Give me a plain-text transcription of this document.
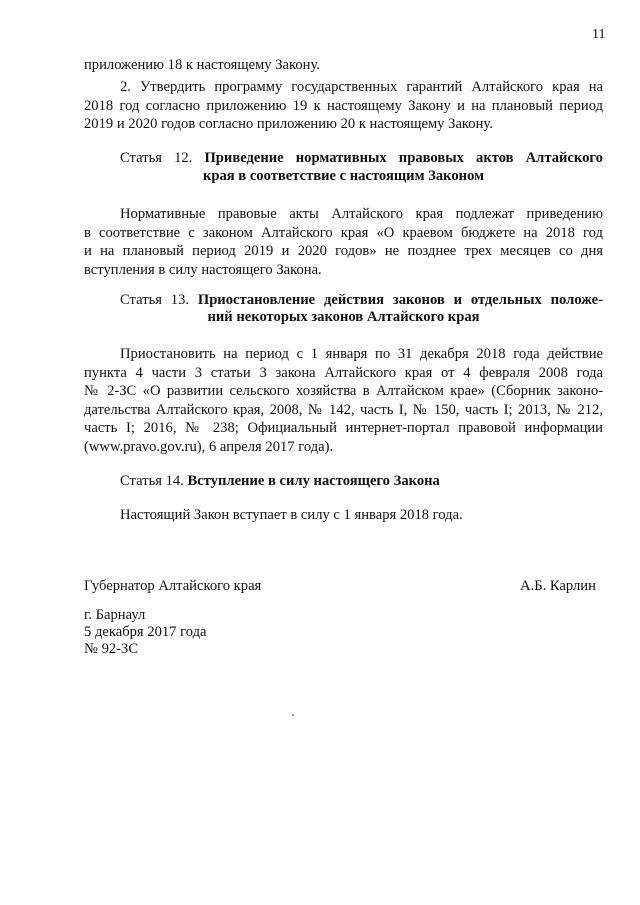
11
приложению 18 к настоящему Закону.
2. Утвердить программу государственных гарантий Алтайского края на
2018 год согласно приложению 19 к настоящему Закону и на плановый период
2019 и 2020 годов согласно приложению 20 к настоящему Закону.
Статья 12. Приведение нормативных правовых актов Алтайского
края в соответствие с настоящим Законом
Нормативные правовые акты Алтайского края подлежат приведению
в соответствие с законом Алтайского края «О краевом бюджете на 2018 год
и на плановый период 2019 и 2020 годов» не позднее трех месяцев со дня
вступления в силу настоящего Закона.
Статья 13. Приостановление действия законов и отдельных положе-
ний некоторых законов Алтайского края
Приостановить на период с 1 января по 31 декабря 2018 года действие
пункта 4 части 3 статьи 3 закона Алтайского края от 4 февраля 2008 года
№ 2-ЗС «О развитии сельского хозяйства в Алтайском крае» (Сборник законо-
дательства Алтайского края, 2008, № 142, часть I, № 150, часть I; 2013, № 212,
часть I; 2016, № 238; Официальный интернет-портал правовой информации
(www.pravo.gov.ru), 6 апреля 2017 года).
Статья 14. Вступление в силу настоящего Закона
Настоящий Закон вступает в силу с 1 января 2018 года.
Губернатор Алтайского края	А.Б. Карлин
г. Барнаул
5 декабря 2017 года
№ 92-ЗС
